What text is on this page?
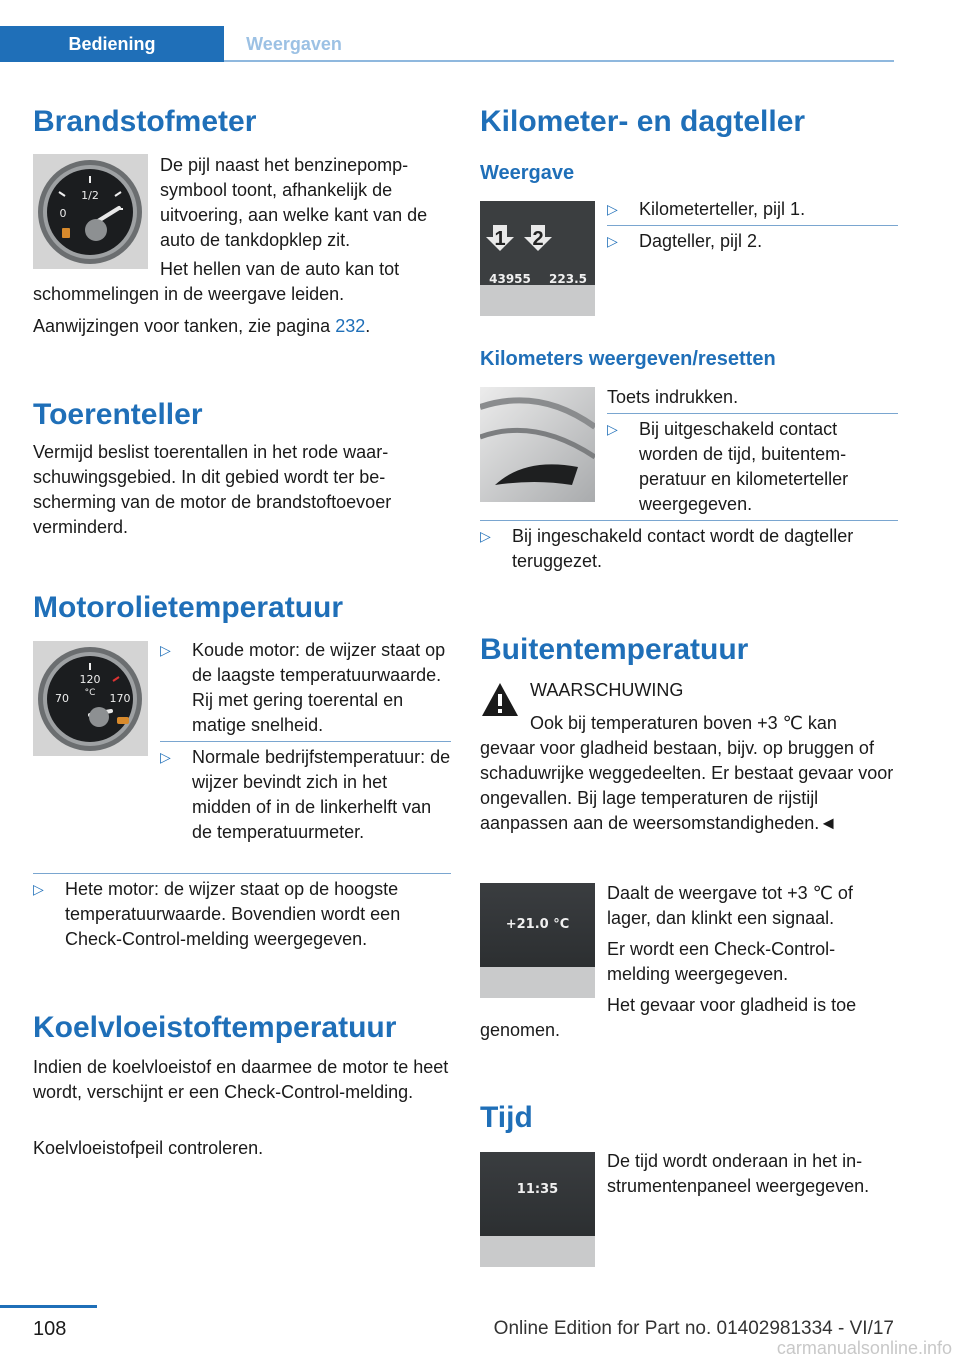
Bediening	Weergaven
Brandstofmeter
1/2
0

De pijl naast het benzinepompsymbool toont, afhankelijk de uitvoering, aan welke kant van de auto de tankdopklep zit.

Het hellen van de auto kan tot

schommelingen in de weergave leiden.

Aanwijzingen voor tanken, zie pagina 232.

Toerenteller

Vermijd beslist toerentallen in het rode waarschuwingsgebied. In dit gebied wordt ter bescherming van de motor de brandstoftoevoer verminderd.

Motorolietemperatuur
120
°C
70	170
▷	Koude motor: de wijzer staat op de laagste temperatuurwaarde. Rij met gering toerental en matige snelheid.
▷	Normale bedrijfstemperatuur: de wijzer bevindt zich in het midden of in de linkerhelft van de temperatuurmeter.
▷	Hete motor: de wijzer staat op de hoogste temperatuurwaarde. Bovendien wordt een Check-Control-melding weergegeven.
Koelvloeistoftemperatuur

Indien de koelvloeistof en daarmee de motor te heet wordt, verschijnt er een Check-Control-melding.

Koelvloeistofpeil controleren.

Kilometer- en dagteller
Weergave
43955 223.5
1	2
▷	Kilometerteller, pijl 1.
▷	Dagteller, pijl 2.
Kilometers weergeven/resetten

Toets indrukken.

▷	Bij uitgeschakeld contact worden de tijd, buitentemperatuur en kilometerteller weergegeven.
▷	Bij ingeschakeld contact wordt de dagteller teruggezet.
Buitentemperatuur

WAARSCHUWING

Ook bij temperaturen boven +3 ℃ kan

gevaar voor gladheid bestaan, bijv. op bruggen of schaduwrijke weggedeelten. Er bestaat gevaar voor ongevallen. Bij lage temperaturen de rijstijl aanpassen aan de weersomstandigheden.◄

+21.0 °C

Daalt de weergave tot +3 ℃ of lager, dan klinkt een signaal.

Er wordt een Check-Control-melding weergegeven.

Het gevaar voor gladheid is toe

genomen.

Tijd
11:35

De tijd wordt onderaan in het instrumentenpaneel weergegeven.

108	Online Edition for Part no. 01402981334 - VI/17
carmanualsonline.info
